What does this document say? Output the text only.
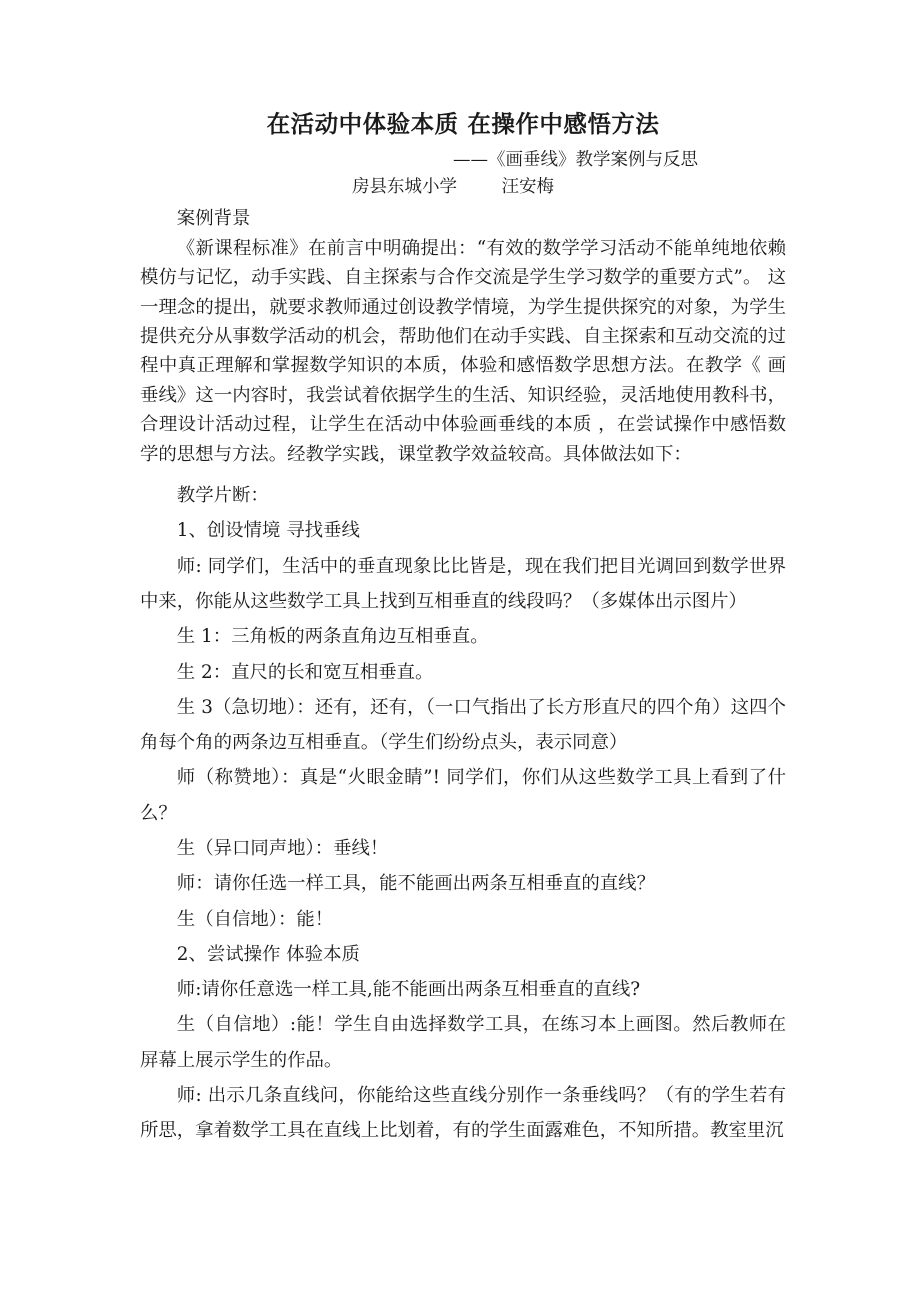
在活动中体验本质 在操作中感悟方法

——《画垂线》教学案例与反思

房县东城小学        汪安梅

案例背景

《新课程标准》在前言中明确提出：“有效的数学学习活动不能单纯地依赖模仿与记忆，动手实践、自主探索与合作交流是学生学习数学的重要方式”。 这一理念的提出，就要求教师通过创设教学情境，为学生提供探究的对象，为学生提供充分从事数学活动的机会，帮助他们在动手实践、自主探索和互动交流的过程中真正理解和掌握数学知识的本质，体验和感悟数学思想方法。在教学《 画垂线》这一内容时，我尝试着依据学生的生活、知识经验，灵活地使用教科书，合理设计活动过程，让学生在活动中体验画垂线的本质 ，在尝试操作中感悟数学的思想与方法。经教学实践，课堂教学效益较高。具体做法如下：

教学片断：

1、创设情境 寻找垂线

师: 同学们，生活中的垂直现象比比皆是，现在我们把目光调回到数学世界中来，你能从这些数学工具上找到互相垂直的线段吗？（多媒体出示图片）

生 1：三角板的两条直角边互相垂直。

生 2：直尺的长和宽互相垂直。

生 3（急切地）：还有，还有，（一口气指出了长方形直尺的四个角）这四个角每个角的两条边互相垂直。（学生们纷纷点头，表示同意）

师（称赞地）：真是“火眼金睛”! 同学们，你们从这些数学工具上看到了什么？

生（异口同声地）：垂线！

师：请你任选一样工具，能不能画出两条互相垂直的直线？

生（自信地）：能！

2、尝试操作 体验本质

师:请你任意选一样工具,能不能画出两条互相垂直的直线?

生（自信地）:能！学生自由选择数学工具，在练习本上画图。然后教师在屏幕上展示学生的作品。

师: 出示几条直线问，你能给这些直线分别作一条垂线吗？（有的学生若有所思，拿着数学工具在直线上比划着，有的学生面露难色，不知所措。教室里沉
